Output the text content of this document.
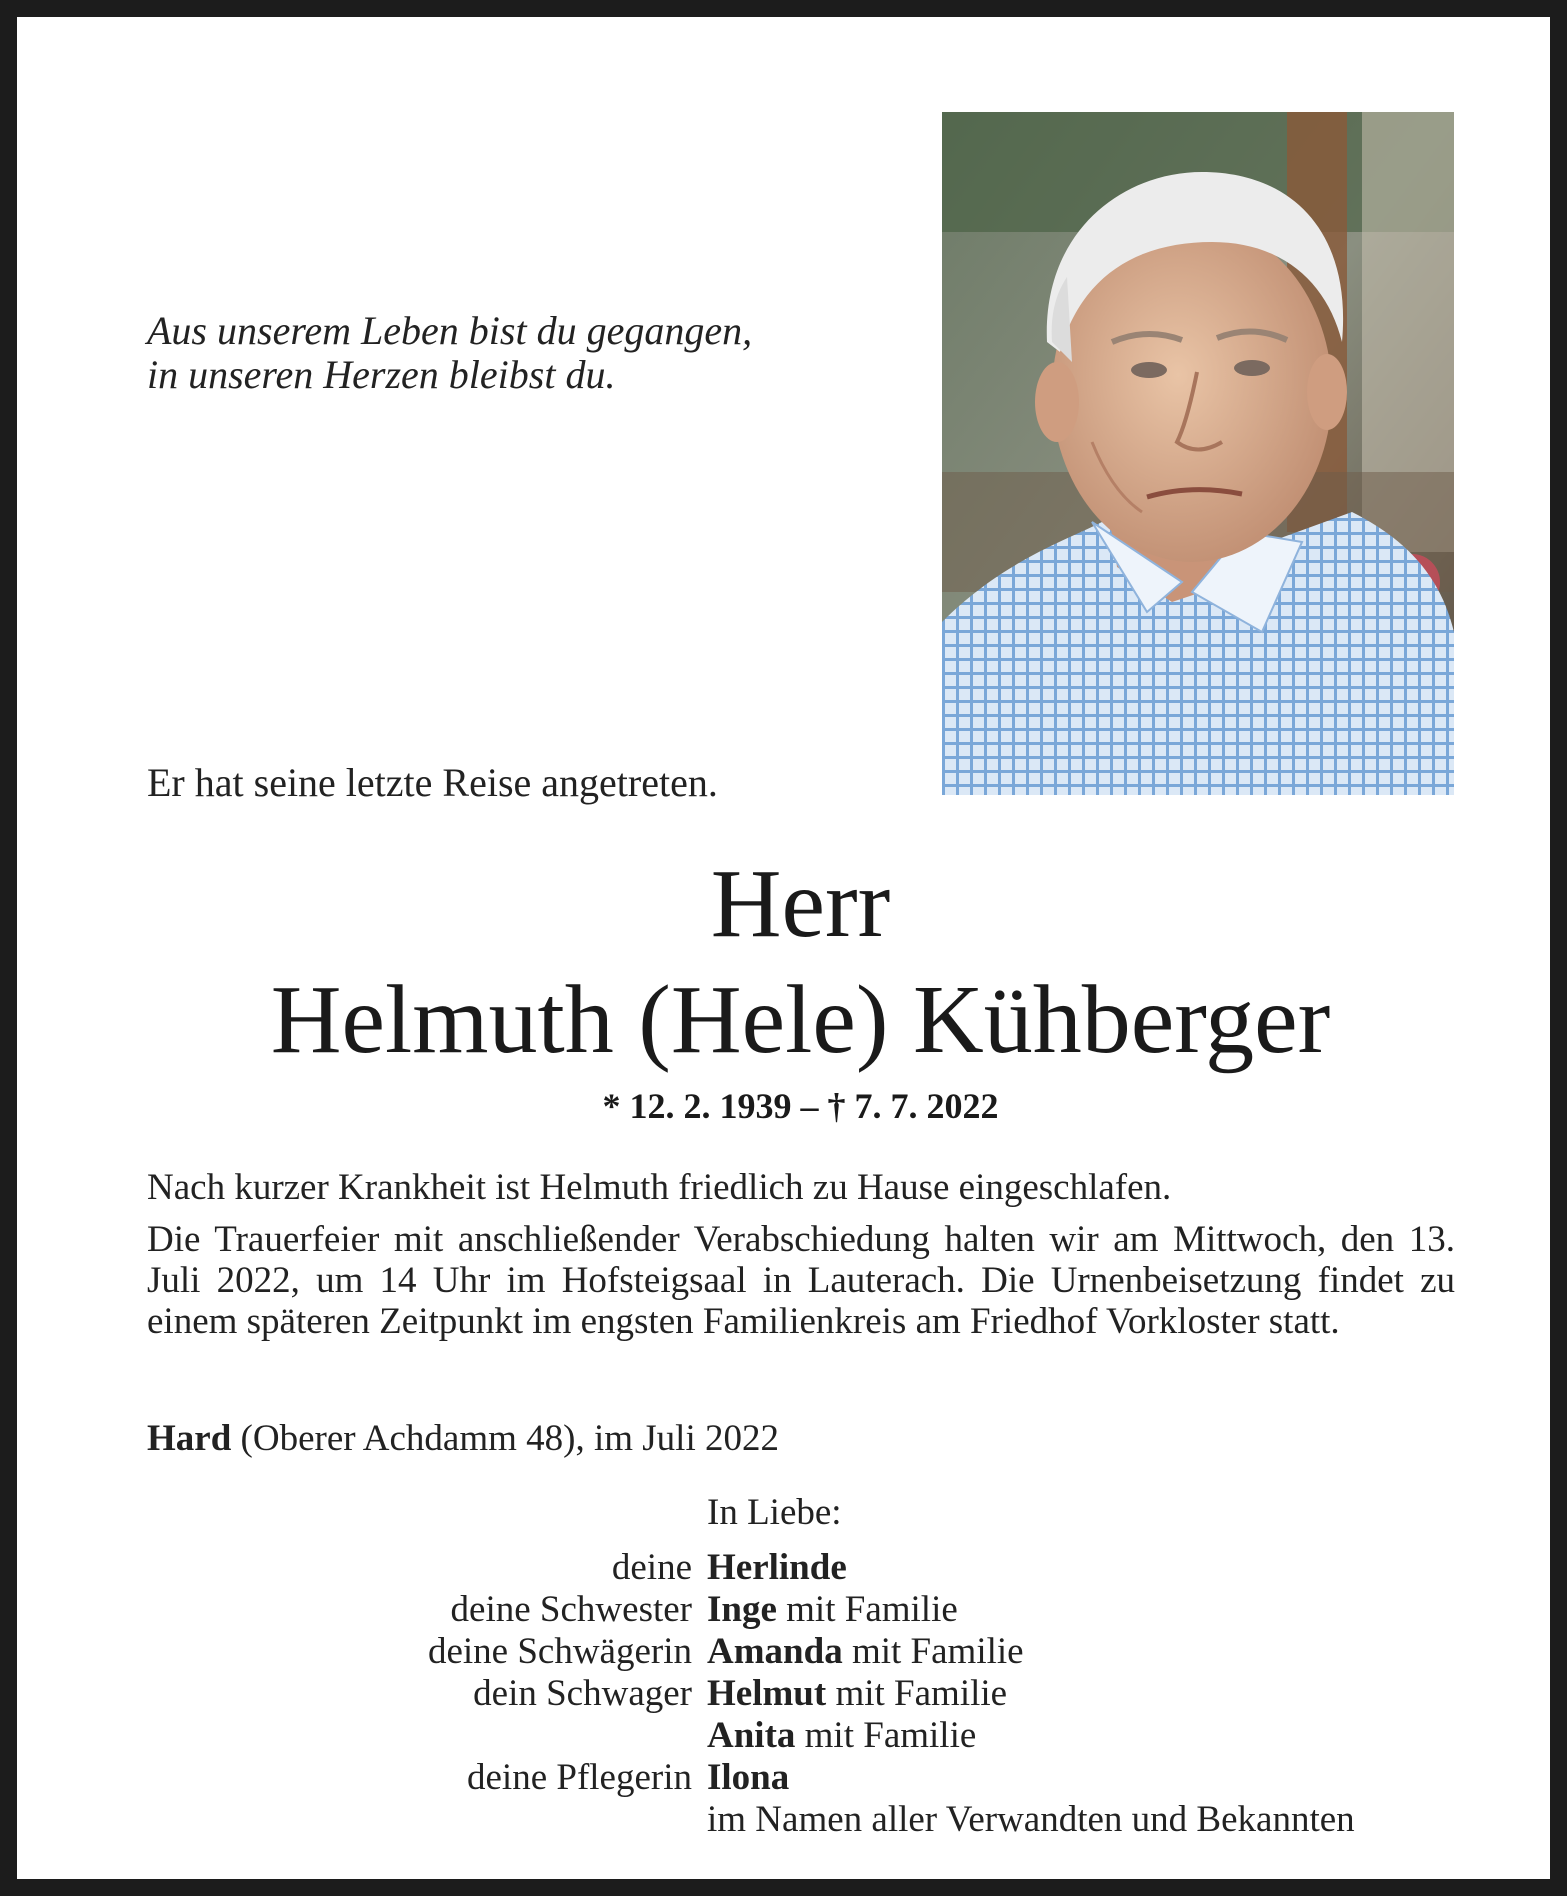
Aus unserem Leben bist du gegangen,
in unseren Herzen bleibst du.
Er hat seine letzte Reise angetreten.
Herr
Helmuth (Hele) Kühberger
* 12. 2. 1939 – † 7. 7. 2022
Nach kurzer Krankheit ist Helmuth friedlich zu Hause eingeschlafen.
Die Trauerfeier mit anschließender Verabschiedung halten wir am Mittwoch, den 13. Juli 2022, um 14 Uhr im Hofsteigsaal in Lauterach. Die Urnenbeisetzung findet zu einem späteren Zeitpunkt im engsten Familienkreis am Friedhof Vorkloster statt.
Hard (Oberer Achdamm 48), im Juli 2022
In Liebe:
deine Herlinde
deine Schwester Inge mit Familie
deine Schwägerin Amanda mit Familie
dein Schwager Helmut mit Familie
Anita mit Familie
deine Pflegerin Ilona
im Namen aller Verwandten und Bekannten
